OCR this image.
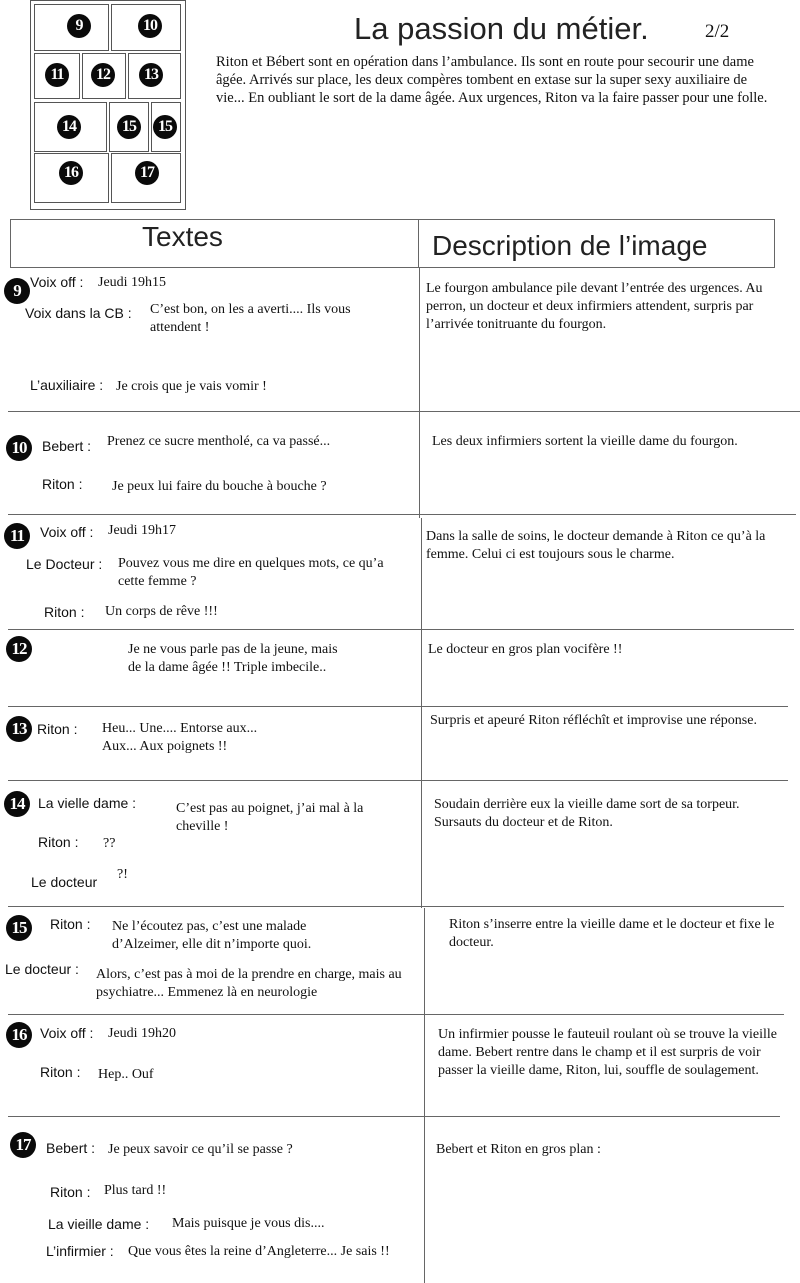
9	10
11	12	13
14	15	15
16	17
La passion du métier.	2/2
Riton et Bébert sont en opération dans l’ambulance. Ils sont en route pour secourir une dame âgée. Arrivés sur place, les deux compères tombent en extase sur la super sexy auxiliaire de vie... En oubliant le sort de la dame âgée. Aux urgences, Riton va la faire passer pour une folle.
Textes	Description de l’image
9 Voix off : Jeudi 19h15
Voix dans la CB : C’est bon, on les a averti.... Ils vous attendent !
L’auxiliaire : Je crois que je vais vomir !
Le fourgon ambulance pile devant l’entrée des urgences. Au perron, un docteur et deux infirmiers attendent, surpris par l’arrivée tonitruante du fourgon.
10	Bebert : Prenez ce sucre mentholé, ca va passé...
Riton : Je peux lui faire du bouche à bouche ?
Les deux infirmiers sortent la vieille dame du fourgon.
11	Voix off : Jeudi 19h17
Le Docteur : Pouvez vous me dire en quelques mots, ce qu’a cette femme ?
Riton : Un corps de rêve !!!
Dans la salle de soins, le docteur demande à Riton ce qu’à la femme. Celui ci est toujours sous le charme.
12	Je ne vous parle pas de la jeune, mais de la dame âgée !! Triple imbecile..
Le docteur en gros plan vocifère !!
13 Riton : Heu... Une.... Entorse aux... Aux... Aux poignets !!
Surpris et apeuré Riton réfléchît et improvise une réponse.
14 La vielle dame :	C’est pas au poignet, j’ai mal à la cheville !
Riton : ??
Le docteur ?!
Soudain derrière eux la vieille dame sort de sa torpeur. Sursauts du docteur et de Riton.
15	Riton : Ne l’écoutez pas, c’est une malade d’Alzeimer, elle dit n’importe quoi.
Le docteur : Alors, c’est pas à moi de la prendre en charge, mais au psychiatre... Emmenez là en neurologie
Riton s’inserre entre la vieille dame et le docteur et fixe le docteur.
16 Voix off : Jeudi 19h20
Riton : Hep.. Ouf
Un infirmier pousse le fauteuil roulant où se trouve la vieille dame. Bebert rentre dans le champ et il est surpris de voir passer la vieille dame, Riton, lui, souffle de soulagement.
17	Bebert : Je peux savoir ce qu’il se passe ?
Riton : Plus tard !!
La vieille dame : Mais puisque je vous dis....
L’infirmier : Que vous êtes la reine d’Angleterre... Je sais !!
Bebert et Riton en gros plan :
